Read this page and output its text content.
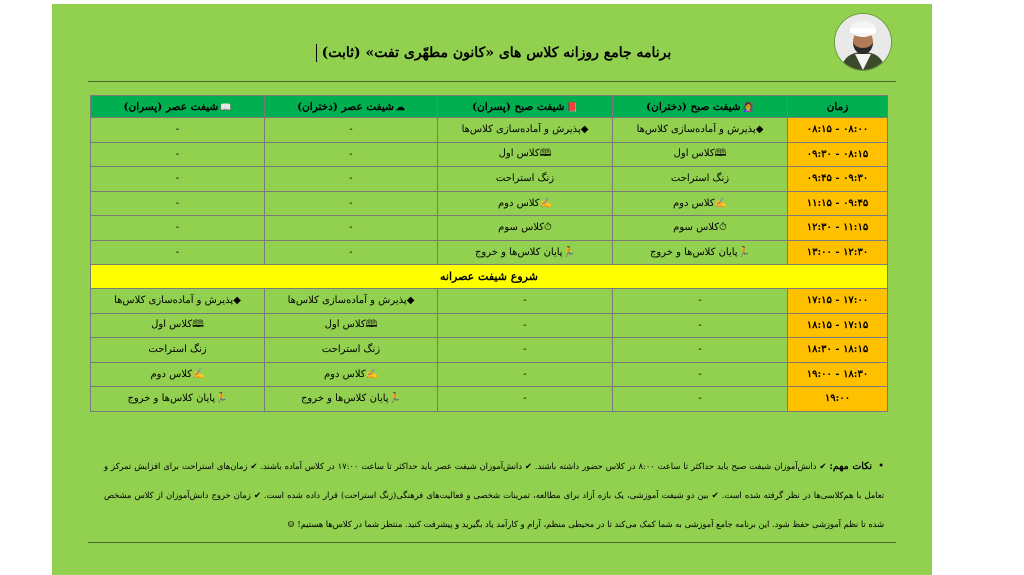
برنامه جامع روزانه کلاس های «کانون مطهّری تفت» (ثابت)
زمان	👩‍🏫شیفت صبح (دختران)	📕شیفت صبح (پسران)	☁شیفت عصر (دختران)	📖شیفت عصر (پسران)
۰۸:۰۰ - ۰۸:۱۵	◆پذیرش و آماده‌سازی کلاس‌ها	◆پذیرش و آماده‌سازی کلاس‌ها	-	-
۰۸:۱۵ - ۰۹:۳۰	🕮کلاس اول	🕮کلاس اول	-	-
۰۹:۳۰ - ۰۹:۴۵	زنگ استراحت	زنگ استراحت	-	-
۰۹:۴۵ - ۱۱:۱۵	✍کلاس دوم	✍کلاس دوم	-	-
۱۱:۱۵ - ۱۲:۳۰	⏱کلاس سوم	⏱کلاس سوم	-	-
۱۲:۳۰ - ۱۳:۰۰	🏃پایان کلاس‌ها و خروج	🏃پایان کلاس‌ها و خروج	-	-
شروع شیفت عصرانه				
۱۷:۰۰ - ۱۷:۱۵	-	-	◆پذیرش و آماده‌سازی کلاس‌ها	◆پذیرش و آماده‌سازی کلاس‌ها
۱۷:۱۵ - ۱۸:۱۵	-	-	🕮کلاس اول	🕮کلاس اول
۱۸:۱۵ - ۱۸:۳۰	-	-	زنگ استراحت	زنگ استراحت
۱۸:۳۰ - ۱۹:۰۰	-	-	✍کلاس دوم	✍کلاس دوم
۱۹:۰۰	-	-	🏃پایان کلاس‌ها و خروج	🏃پایان کلاس‌ها و خروج
•نکات مهم:✔ دانش‌آموزان شیفت صبح باید حداکثر تا ساعت ۸:۰۰ در کلاس حضور داشته باشند. ✔ دانش‌آموزان شیفت عصر باید حداکثر تا ساعت ۱۷:۰۰ در کلاس آماده باشند. ✔ زمان‌های استراحت برای افزایش تمرکز و تعامل با هم‌کلاسی‌ها در نظر گرفته شده است. ✔ بین دو شیفت آموزشی، یک بازه آزاد برای مطالعه، تمرینات شخصی و فعالیت‌های فرهنگی(زنگ استراحت) قرار داده شده است. ✔ زمان خروج دانش‌آموزان از کلاس مشخص شده تا نظم آموزشی حفظ شود. این برنامه جامع آموزشی به شما کمک می‌کند تا در محیطی منظم، آرام و کارآمد یاد بگیرید و پیشرفت کنید. منتظر شما در کلاس‌ها هستیم! ☺
